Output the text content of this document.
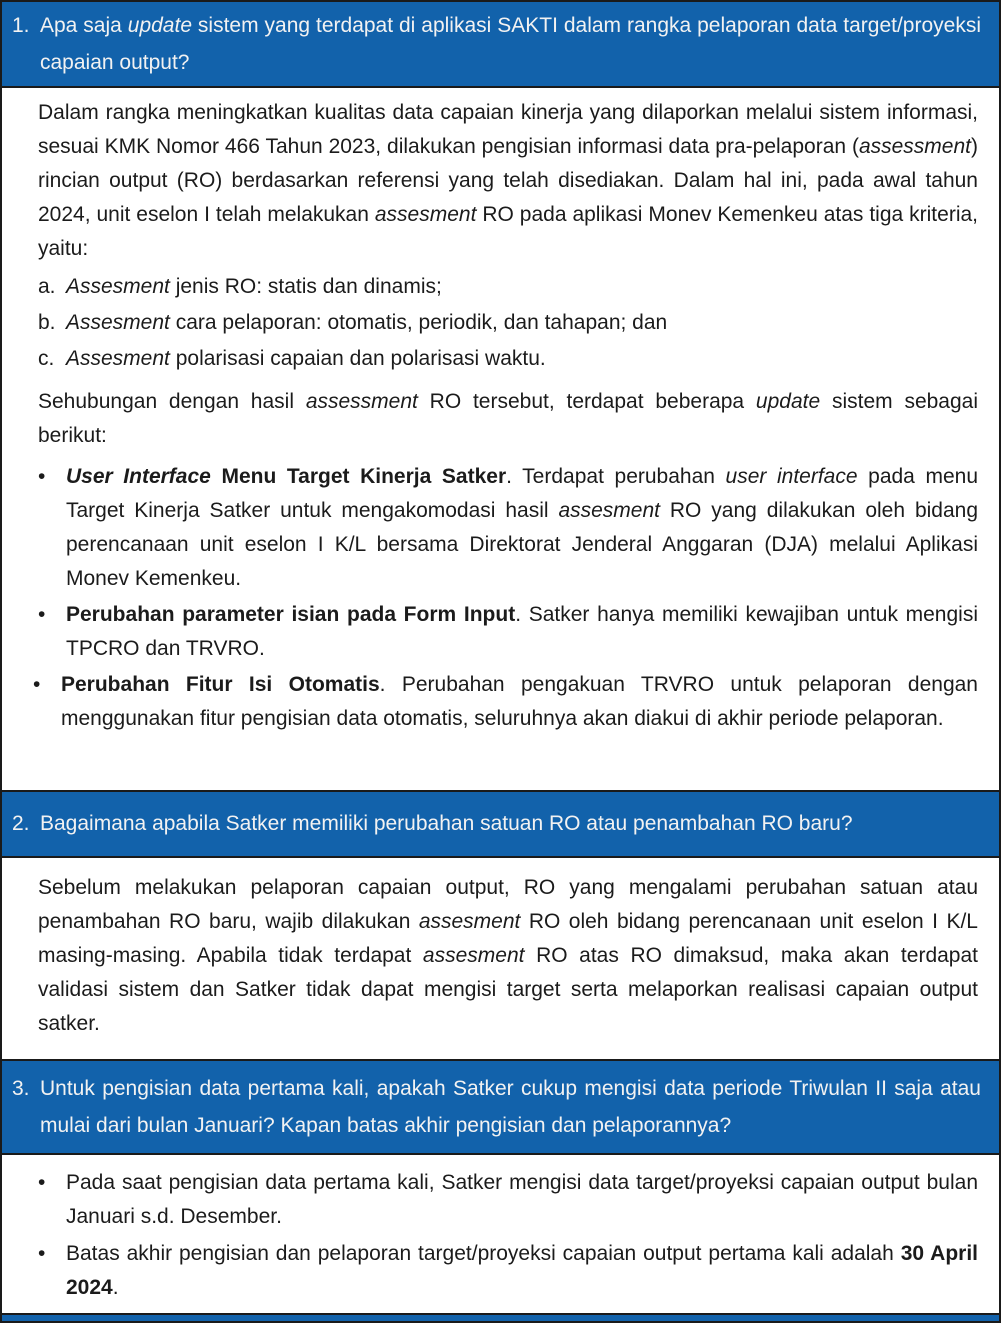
1. Apa saja update sistem yang terdapat di aplikasi SAKTI dalam rangka pelaporan data target/proyeksi capaian output?
Dalam rangka meningkatkan kualitas data capaian kinerja yang dilaporkan melalui sistem informasi, sesuai KMK Nomor 466 Tahun 2023, dilakukan pengisian informasi data pra-pelaporan (assessment) rincian output (RO) berdasarkan referensi yang telah disediakan. Dalam hal ini, pada awal tahun 2024, unit eselon I telah melakukan assesment RO pada aplikasi Monev Kemenkeu atas tiga kriteria, yaitu:
a. Assesment jenis RO: statis dan dinamis;
b. Assesment cara pelaporan: otomatis, periodik, dan tahapan; dan
c. Assesment polarisasi capaian dan polarisasi waktu.
Sehubungan dengan hasil assessment RO tersebut, terdapat beberapa update sistem sebagai berikut:
• User Interface Menu Target Kinerja Satker. Terdapat perubahan user interface pada menu Target Kinerja Satker untuk mengakomodasi hasil assesment RO yang dilakukan oleh bidang perencanaan unit eselon I K/L bersama Direktorat Jenderal Anggaran (DJA) melalui Aplikasi Monev Kemenkeu.
• Perubahan parameter isian pada Form Input. Satker hanya memiliki kewajiban untuk mengisi TPCRO dan TRVRO.
• Perubahan Fitur Isi Otomatis. Perubahan pengakuan TRVRO untuk pelaporan dengan menggunakan fitur pengisian data otomatis, seluruhnya akan diakui di akhir periode pelaporan.
2. Bagaimana apabila Satker memiliki perubahan satuan RO atau penambahan RO baru?
Sebelum melakukan pelaporan capaian output, RO yang mengalami perubahan satuan atau penambahan RO baru, wajib dilakukan assesment RO oleh bidang perencanaan unit eselon I K/L masing-masing. Apabila tidak terdapat assesment RO atas RO dimaksud, maka akan terdapat validasi sistem dan Satker tidak dapat mengisi target serta melaporkan realisasi capaian output satker.
3. Untuk pengisian data pertama kali, apakah Satker cukup mengisi data periode Triwulan II saja atau mulai dari bulan Januari? Kapan batas akhir pengisian dan pelaporannya?
• Pada saat pengisian data pertama kali, Satker mengisi data target/proyeksi capaian output bulan Januari s.d. Desember.
• Batas akhir pengisian dan pelaporan target/proyeksi capaian output pertama kali adalah 30 April 2024.
